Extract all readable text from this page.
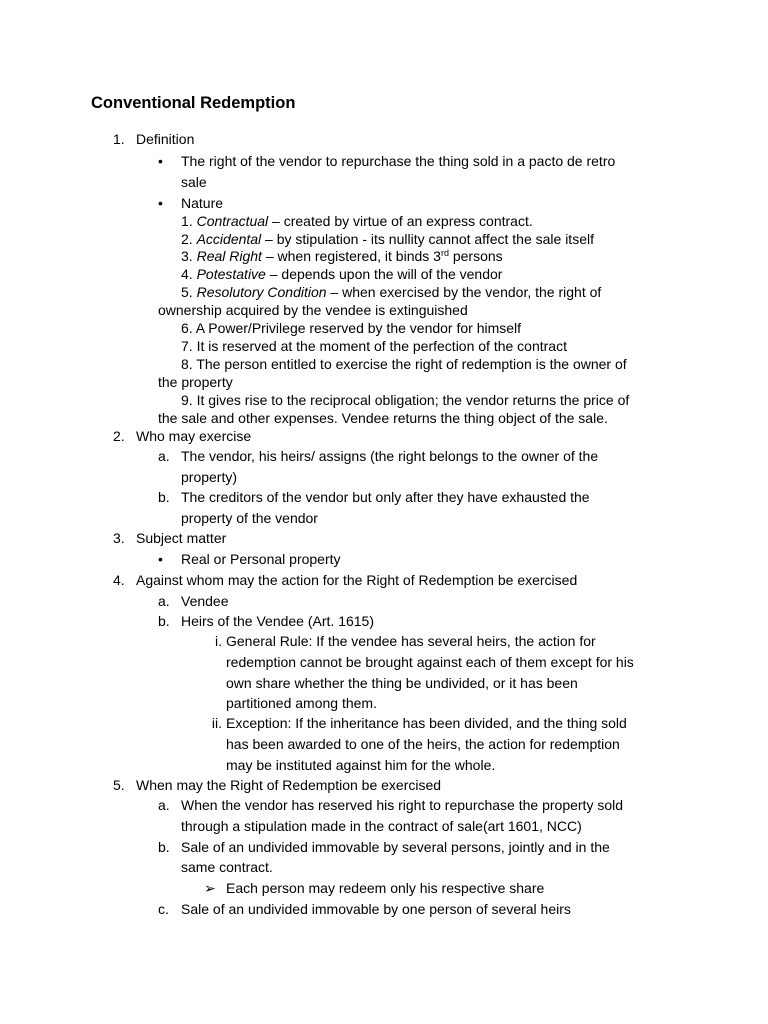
Conventional Redemption
1. Definition
• The right of the vendor to repurchase the thing sold in a pacto de retro
sale
• Nature
1. Contractual – created by virtue of an express contract.
2. Accidental – by stipulation - its nullity cannot affect the sale itself
3. Real Right – when registered, it binds 3rd persons
4. Potestative – depends upon the will of the vendor
5. Resolutory Condition – when exercised by the vendor, the right of
ownership acquired by the vendee is extinguished
6. A Power/Privilege reserved by the vendor for himself
7. It is reserved at the moment of the perfection of the contract
8. The person entitled to exercise the right of redemption is the owner of
the property
9. It gives rise to the reciprocal obligation; the vendor returns the price of
the sale and other expenses. Vendee returns the thing object of the sale.
2. Who may exercise
a. The vendor, his heirs/ assigns (the right belongs to the owner of the
property)
b. The creditors of the vendor but only after they have exhausted the
property of the vendor
3. Subject matter
• Real or Personal property
4. Against whom may the action for the Right of Redemption be exercised
a. Vendee
b. Heirs of the Vendee (Art. 1615)
i. General Rule: If the vendee has several heirs, the action for
redemption cannot be brought against each of them except for his
own share whether the thing be undivided, or it has been
partitioned among them.
ii. Exception: If the inheritance has been divided, and the thing sold
has been awarded to one of the heirs, the action for redemption
may be instituted against him for the whole.
5. When may the Right of Redemption be exercised
a. When the vendor has reserved his right to repurchase the property sold
through a stipulation made in the contract of sale(art 1601, NCC)
b. Sale of an undivided immovable by several persons, jointly and in the
same contract.
➢ Each person may redeem only his respective share
c. Sale of an undivided immovable by one person of several heirs
